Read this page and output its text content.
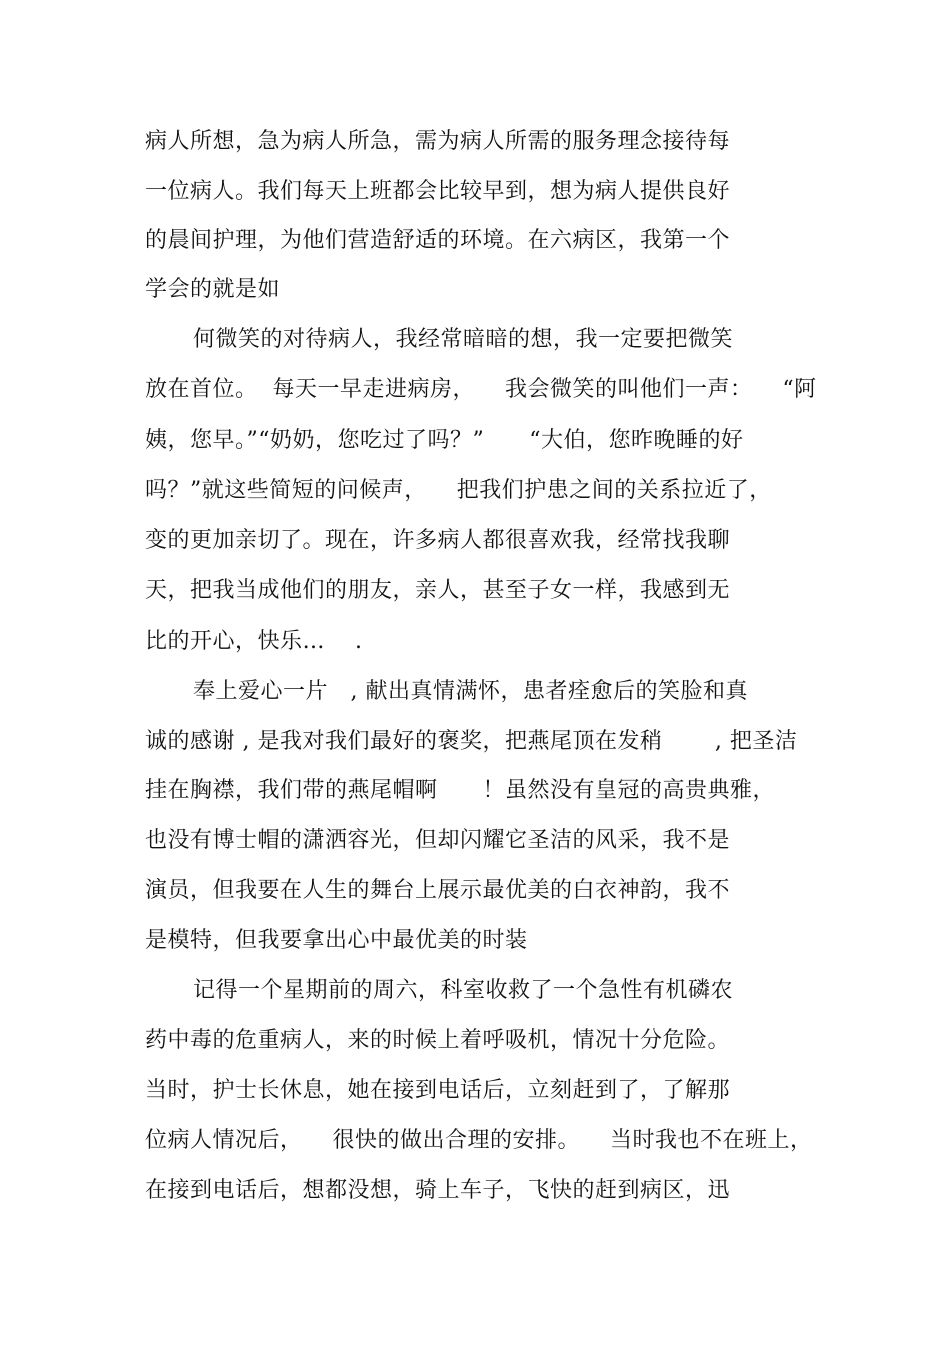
病人所想，急为病人所急，需为病人所需的服务理念接待每
一位病人。我们每天上班都会比较早到，想为病人提供良好
的晨间护理，为他们营造舒适的环境。在六病区，我第一个
学会的就是如
何微笑的对待病人，我经常暗暗的想，我一定要把微笑
放在首位。  每天一早走进病房，    我会微笑的叫他们一声：    “阿
姨，您早。”“奶奶，您吃过了吗？”      “大伯，您昨晚睡的好
吗？”就这些简短的问候声，    把我们护患之间的关系拉近了，
变的更加亲切了。现在，许多病人都很喜欢我，经常找我聊
天，把我当成他们的朋友，亲人，甚至子女一样，我感到无
比的开心，快乐…    .
奉上爱心一片   , 献出真情满怀，患者痊愈后的笑脸和真
诚的感谢 , 是我对我们最好的褒奖，把燕尾顶在发稍       , 把圣洁
挂在胸襟，我们带的燕尾帽啊      ！虽然没有皇冠的高贵典雅，
也没有博士帽的潇洒容光，但却闪耀它圣洁的风采，我不是
演员，但我要在人生的舞台上展示最优美的白衣神韵，我不
是模特，但我要拿出心中最优美的时装
记得一个星期前的周六，科室收救了一个急性有机磷农
药中毒的危重病人，来的时候上着呼吸机，情况十分危险。
当时，护士长休息，她在接到电话后，立刻赶到了，了解那
位病人情况后，    很快的做出合理的安排。    当时我也不在班上，
在接到电话后，想都没想，骑上车子，飞快的赶到病区，迅
